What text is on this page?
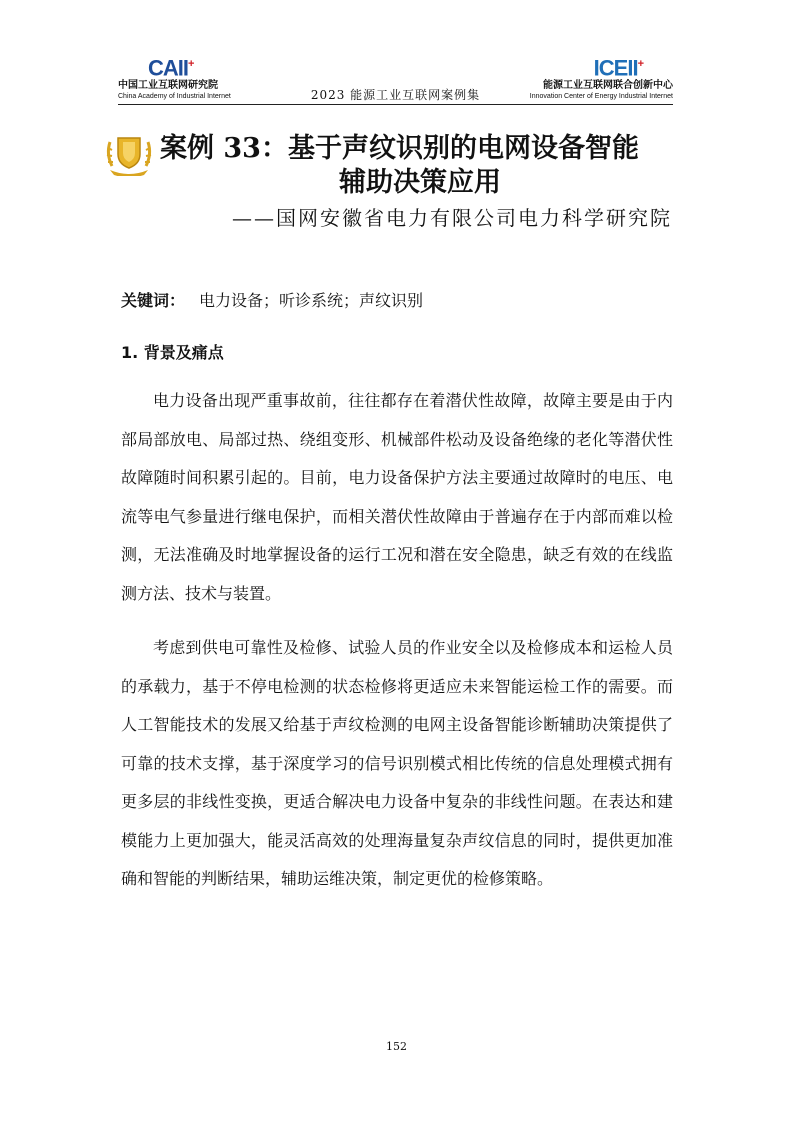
CAII+
中国工业互联网研究院
China Academy of Industrial Internet	2023 能源工业互联网案例集
ICEII+
能源工业互联网联合创新中心
Innovation Center of Energy Industrial Internet
案例 33：基于声纹识别的电网设备智能
辅助决策应用
——国网安徽省电力有限公司电力科学研究院
关键词： 电力设备；听诊系统；声纹识别
1. 背景及痛点

电力设备出现严重事故前，往往都存在着潜伏性故障，故障主要是由于内部局部放电、局部过热、绕组变形、机械部件松动及设备绝缘的老化等潜伏性故障随时间积累引起的。目前，电力设备保护方法主要通过故障时的电压、电流等电气参量进行继电保护，而相关潜伏性故障由于普遍存在于内部而难以检测，无法准确及时地掌握设备的运行工况和潜在安全隐患，缺乏有效的在线监测方法、技术与装置。

考虑到供电可靠性及检修、试验人员的作业安全以及检修成本和运检人员的承载力，基于不停电检测的状态检修将更适应未来智能运检工作的需要。而人工智能技术的发展又给基于声纹检测的电网主设备智能诊断辅助决策提供了可靠的技术支撑，基于深度学习的信号识别模式相比传统的信息处理模式拥有更多层的非线性变换，更适合解决电力设备中复杂的非线性问题。在表达和建模能力上更加强大，能灵活高效的处理海量复杂声纹信息的同时，提供更加准确和智能的判断结果，辅助运维决策，制定更优的检修策略。

152
